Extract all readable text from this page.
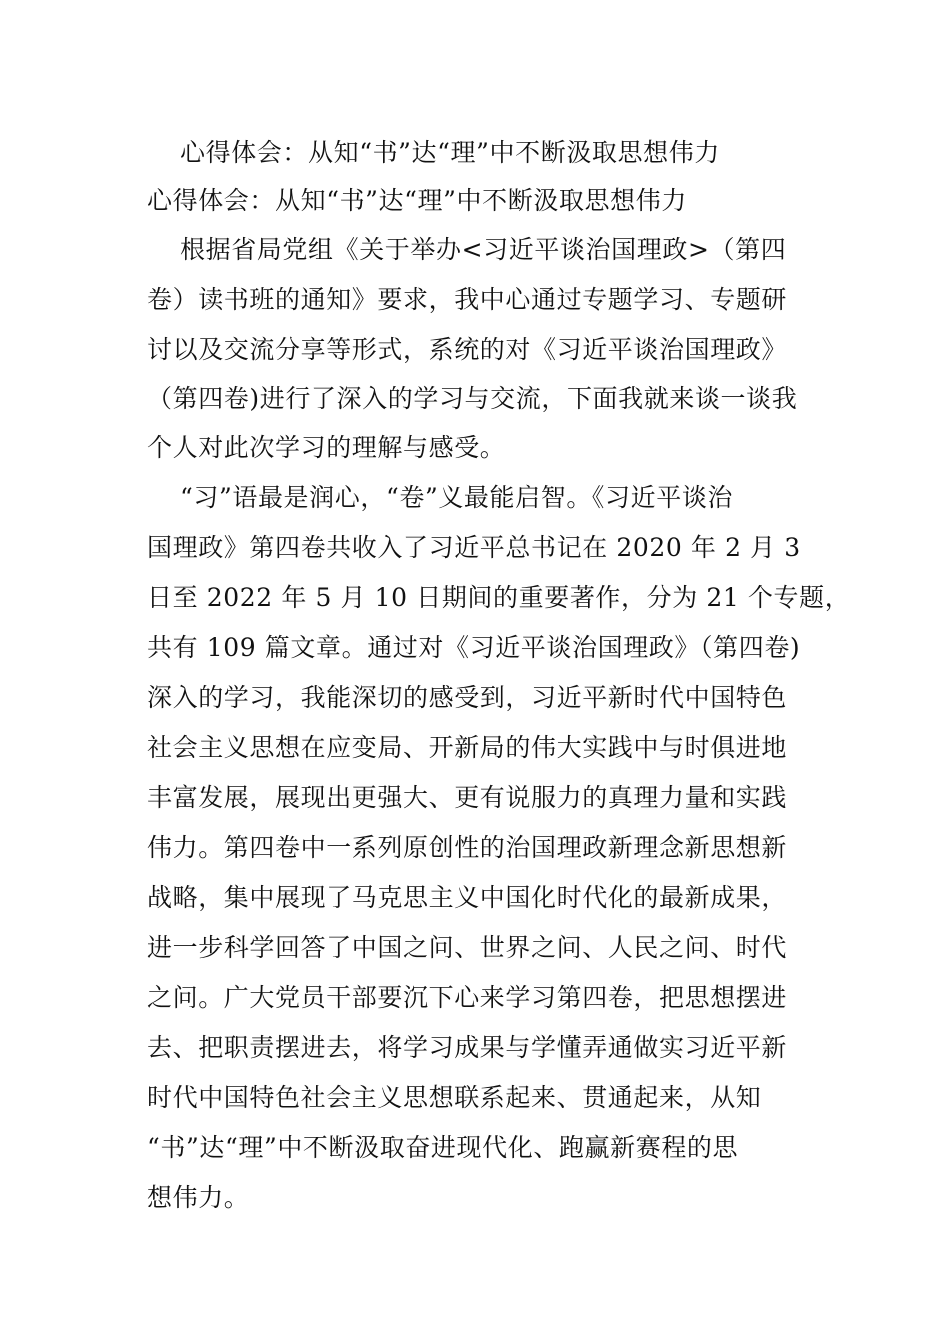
心得体会：从知“书”达“理”中不断汲取思想伟力
心得体会：从知“书”达“理”中不断汲取思想伟力
根据省局党组《关于举办<习近平谈治国理政>（第四
卷）读书班的通知》要求，我中心通过专题学习、专题研
讨以及交流分享等形式，系统的对《习近平谈治国理政》
（第四卷)进行了深入的学习与交流，下面我就来谈一谈我
个人对此次学习的理解与感受。
“习”语最是润心，“卷”义最能启智。《习近平谈治
国理政》第四卷共收入了习近平总书记在 2020 年 2 月 3
日至 2022 年 5 月 10 日期间的重要著作，分为 21 个专题，
共有 109 篇文章。通过对《习近平谈治国理政》（第四卷)
深入的学习，我能深切的感受到，习近平新时代中国特色
社会主义思想在应变局、开新局的伟大实践中与时俱进地
丰富发展，展现出更强大、更有说服力的真理力量和实践
伟力。第四卷中一系列原创性的治国理政新理念新思想新
战略，集中展现了马克思主义中国化时代化的最新成果，
进一步科学回答了中国之问、世界之问、人民之问、时代
之问。广大党员干部要沉下心来学习第四卷，把思想摆进
去、把职责摆进去，将学习成果与学懂弄通做实习近平新
时代中国特色社会主义思想联系起来、贯通起来，从知
“书”达“理”中不断汲取奋进现代化、跑赢新赛程的思
想伟力。
